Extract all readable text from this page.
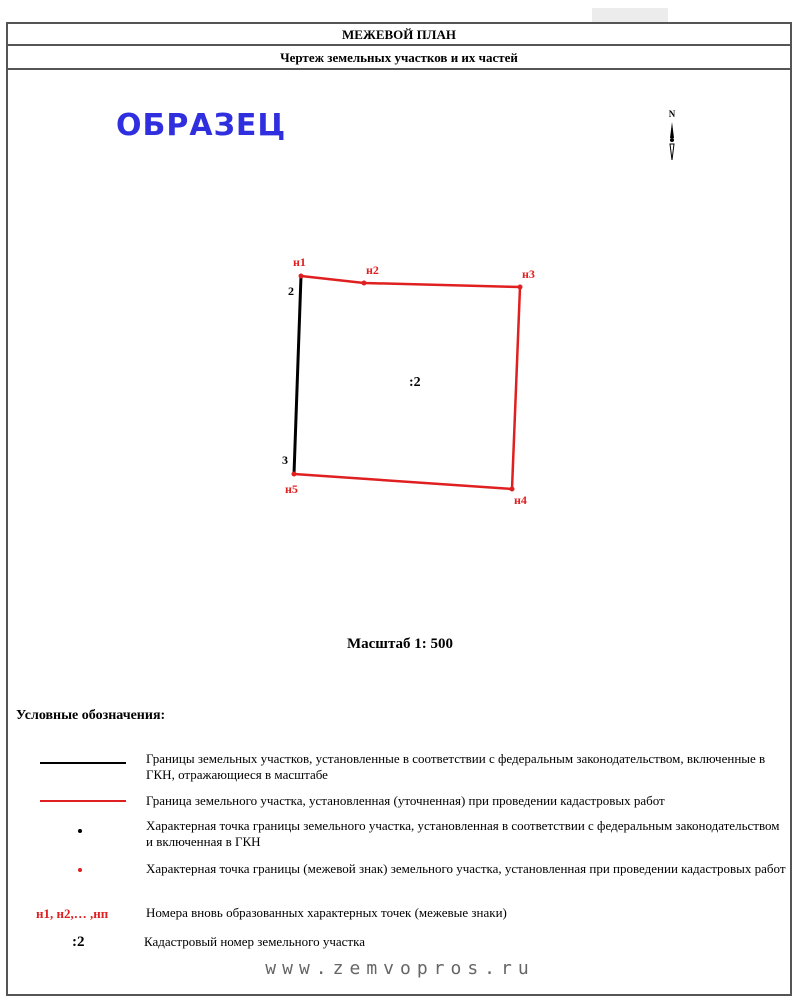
МЕЖЕВОЙ ПЛАН
Чертеж земельных участков и их частей
ОБРАЗЕЦ	N
н1
н2	н3
н4
н5
2
3
:2
Масштаб 1: 500
Условные обозначения:
Границы земельных участков, установленные в соответствии с федеральным законодательством, включенные в ГКН, отражающиеся в масштабе
Граница земельного участка, установленная (уточненная) при проведении кадастровых работ
Характерная точка границы земельного участка, установленная в соответствии с федеральным законодательством и включенная в ГКН
Характерная точка границы (межевой знак) земельного участка, установленная при проведении кадастровых работ
н1, н2,… ,нп	Номера вновь образованных характерных точек (межевые знаки)
:2	Кадастровый номер земельного участка
www.zemvopros.ru
